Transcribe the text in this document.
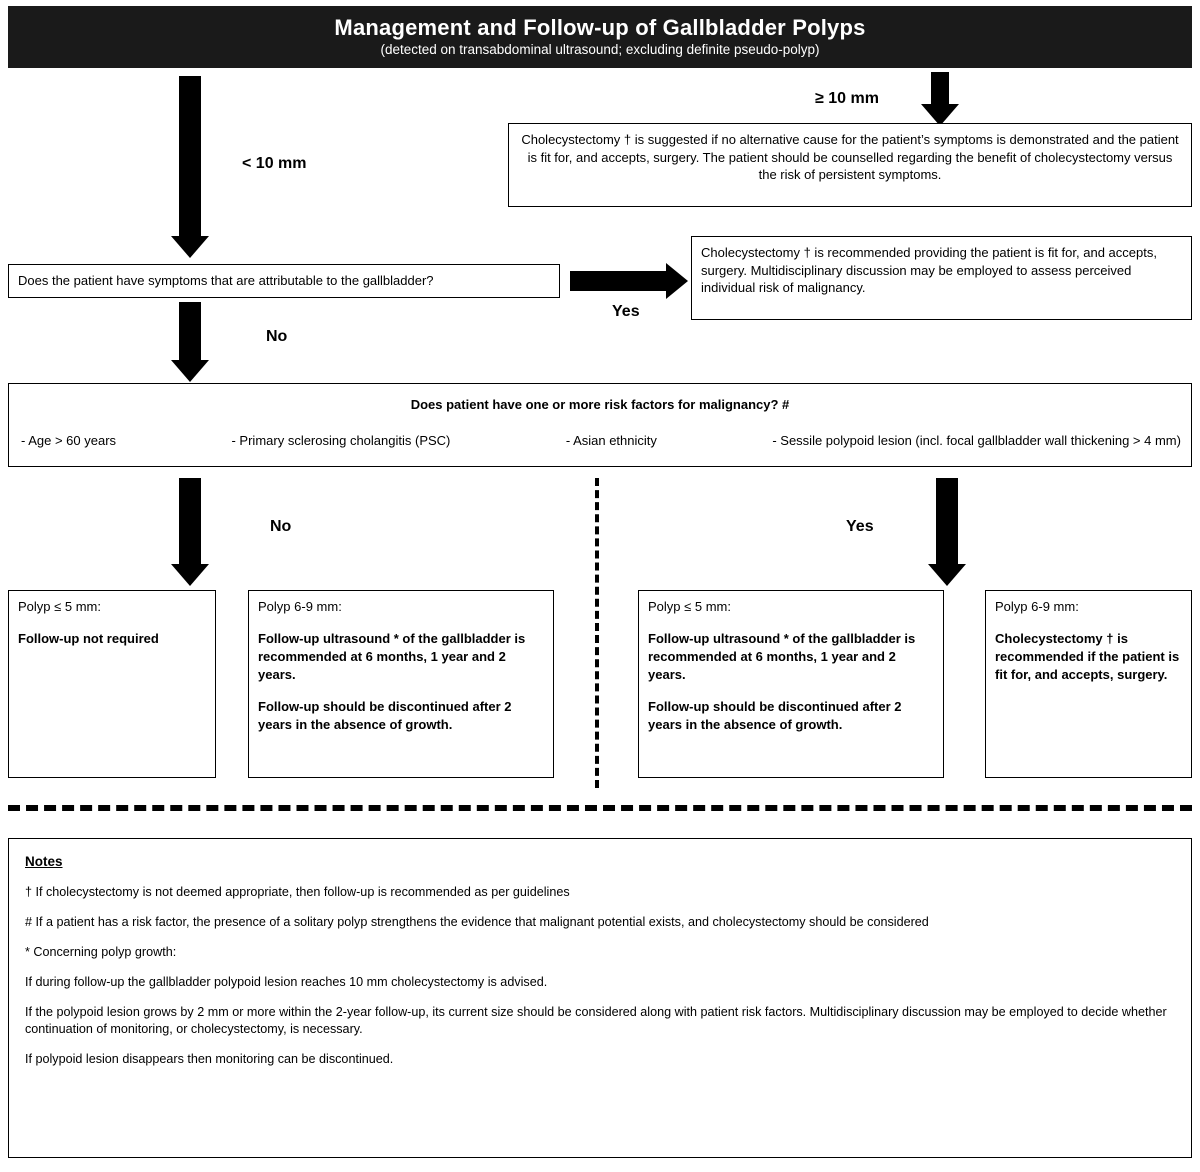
Management and Follow-up of Gallbladder Polyps
(detected on transabdominal ultrasound; excluding definite pseudo-polyp)
≥ 10 mm
Cholecystectomy † is suggested if no alternative cause for the patient’s symptoms is demonstrated and the patient is fit for, and accepts, surgery. The patient should be counselled regarding the benefit of cholecystectomy versus the risk of persistent symptoms.
< 10 mm
Does the patient have symptoms that are attributable to the gallbladder?
Yes
Cholecystectomy † is recommended providing the patient is fit for, and accepts, surgery. Multidisciplinary discussion may be employed to assess perceived individual risk of malignancy.
No
Does patient have one or more risk factors for malignancy? #
- Age > 60 years	- Primary sclerosing cholangitis (PSC)	- Asian ethnicity	- Sessile polypoid lesion (incl. focal gallbladder wall thickening > 4 mm)
No	Yes
Polyp ≤ 5 mm:
Follow-up not required
Polyp 6-9 mm:
Follow-up ultrasound * of the gallbladder is recommended at 6 months, 1 year and 2 years.
Follow-up should be discontinued after 2 years in the absence of growth.
Polyp ≤ 5 mm:
Follow-up ultrasound * of the gallbladder is recommended at 6 months, 1 year and 2 years.
Follow-up should be discontinued after 2 years in the absence of growth.
Polyp 6-9 mm:
Cholecystectomy † is recommended if the patient is fit for, and accepts, surgery.
Notes
† If cholecystectomy is not deemed appropriate, then follow-up is recommended as per guidelines
# If a patient has a risk factor, the presence of a solitary polyp strengthens the evidence that malignant potential exists, and cholecystectomy should be considered
* Concerning polyp growth:
If during follow-up the gallbladder polypoid lesion reaches 10 mm cholecystectomy is advised.
If the polypoid lesion grows by 2 mm or more within the 2-year follow-up, its current size should be considered along with patient risk factors. Multidisciplinary discussion may be employed to decide whether continuation of monitoring, or cholecystectomy, is necessary.
If polypoid lesion disappears then monitoring can be discontinued.
